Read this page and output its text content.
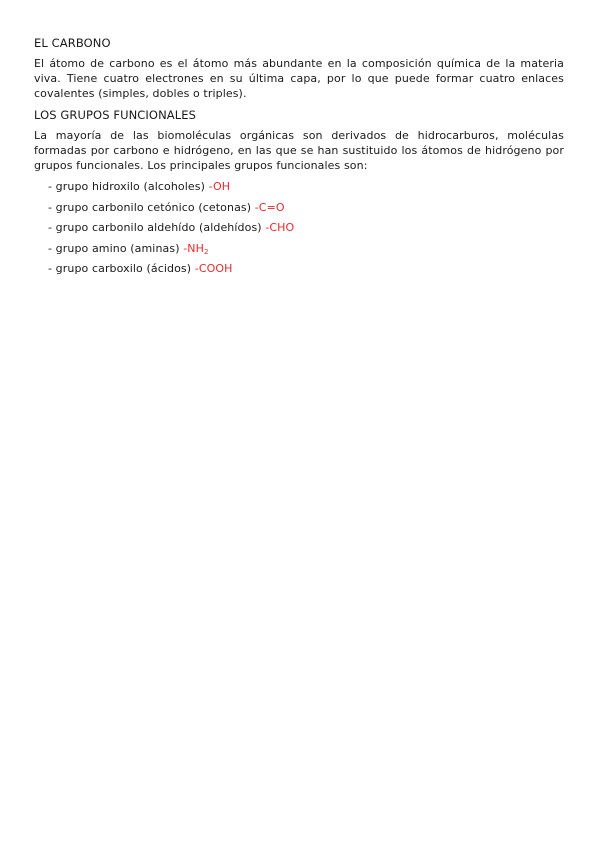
EL CARBONO

El átomo de carbono es el átomo más abundante en la composición química de la materia viva. Tiene cuatro electrones en su última capa, por lo que puede formar cuatro enlaces covalentes (simples, dobles o triples).

LOS GRUPOS FUNCIONALES

La mayoría de las biomoléculas orgánicas son derivados de hidrocarburos, moléculas formadas por carbono e hidrógeno, en las que se han sustituido los átomos de hidrógeno por grupos funcionales. Los principales grupos funcionales son:

- grupo hidroxilo (alcoholes) -OH
- grupo carbonilo cetónico (cetonas) -C=O
- grupo carbonilo aldehído (aldehídos) -CHO
- grupo amino (aminas) $-NH_2$
- grupo carboxilo (ácidos) -COOH
